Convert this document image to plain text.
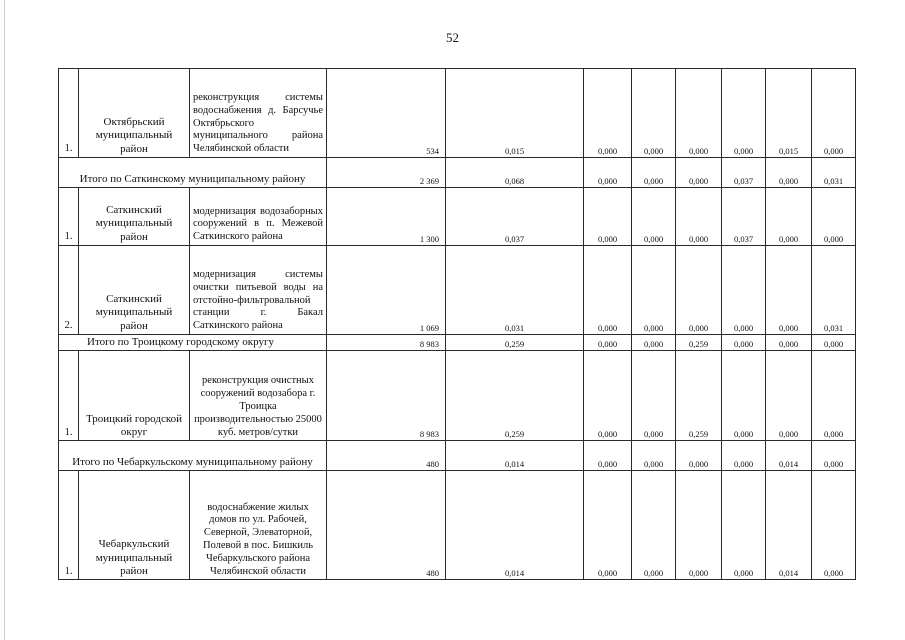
52
1.	Октябрьский муниципальный район	реконструкция системы водоснабжения д. Барсучье Октябрьского муниципального района Челябинской области	534	0,015	0,000	0,000	0,000	0,000	0,015	0,000
Итого по Саткинскому муниципальному району			2 369	0,068	0,000	0,000	0,000	0,037	0,000	0,031
1.	Саткинский муниципальный район	модернизация водозаборных сооружений в п. Межевой Саткинского района	1 300	0,037	0,000	0,000	0,000	0,037	0,000	0,000
2.	Саткинский муниципальный район	модернизация системы очистки питьевой воды на отстойно-фильтровальной станции г. Бакал Саткинского района	1 069	0,031	0,000	0,000	0,000	0,000	0,000	0,031
Итого по Троицкому городскому округу			8 983	0,259	0,000	0,000	0,259	0,000	0,000	0,000
1.	Троицкий городской округ	реконструкция очистных сооружений водозабора г. Троицка производительностью 25000 куб. метров/сутки	8 983	0,259	0,000	0,000	0,259	0,000	0,000	0,000
Итого по Чебаркульскому муниципальному району			480	0,014	0,000	0,000	0,000	0,000	0,014	0,000
1.	Чебаркульский муниципальный район	водоснабжение жилых домов по ул. Рабочей, Северной, Элеваторной, Полевой в пос. Бишкиль Чебаркульского района Челябинской области	480	0,014	0,000	0,000	0,000	0,000	0,014	0,000
